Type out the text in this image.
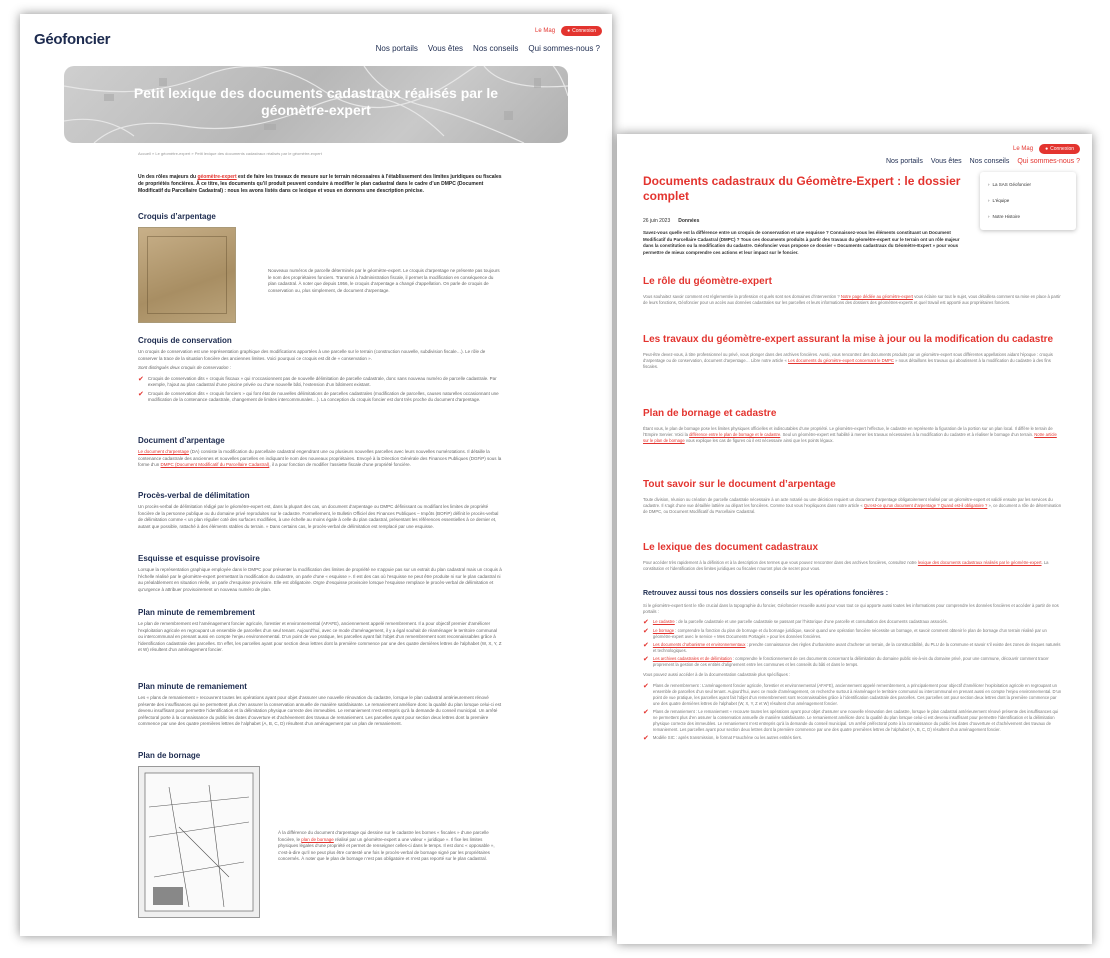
Géofoncier	Le Mag ● Connexion
Nos portails Vous êtes Nos conseils Qui sommes-nous ?
Petit lexique des documents cadastraux réalisés par le géomètre-expert
Accueil » Le géomètre-expert » Petit lexique des documents cadastraux réalisés par le géomètre-expert
Un des rôles majeurs du géomètre-expert est de faire les travaux de mesure sur le terrain nécessaires à l’établissement des limites juridiques ou fiscales de propriétés foncières. À ce titre, les documents qu’il produit peuvent conduire à modifier le plan cadastral dans le cadre d’un DMPC (Document Modificatif du Parcellaire Cadastral) : nous les avons listés dans ce lexique et vous en donnons une description précise.
Croquis d’arpentage
Nouveaux numéros de parcelle déterminés par le géomètre-expert. Le croquis d’arpentage ne présente pas toujours le nom des propriétaires fonciers. Transmis à l’administration fiscale, il permet la modification en conséquence du plan cadastral. À noter que depuis 1956, le croquis d’arpentage a changé d’appellation. On parle de croquis de conservation ou, plus simplement, de document d’arpentage.
Croquis de conservation
Un croquis de conservation est une représentation graphique des modifications apportées à une parcelle sur le terrain (construction nouvelle, subdivision fiscale…). Le rôle de conserver la trace de la situation foncière des anciennes limites. Voici pourquoi ce croquis est dit de « conservation ».
Sont distingués deux croquis de conservation :
✔ Croquis de conservation dits « croquis fiscaux » qui n’occasionnent pas de nouvelle délimitation de parcelle cadastrale, donc sans nouveau numéro de parcelle cadastrale. Par exemple, l’ajout au plan cadastral d’une piscine privée ou d’une nouvelle bâti, l’extension d’un bâtiment existant.
✔ Croquis de conservation dits « croquis fonciers » qui font état de nouvelles délimitations de parcelles cadastrales (modification de parcelles, causes naturelles occasionnant une modification de la contenance cadastrale, changement de limites intercommunales…). La conception du croquis foncier est dont très proche du document d’arpentage.
Document d’arpentage
Le document d’arpentage (DA) consiste la modification du parcellaire cadastral engendrant une ou plusieurs nouvelles parcelles avec leurs nouvelles numérotations. Il détaille la contenance cadastrale des anciennes et nouvelles parcelles en indiquant le nom des nouveaux propriétaires. Envoyé à la Direction Générale des Finances Publiques (DGFiP) sous la forme d’un DMPC (Document Modificatif du Parcellaire Cadastral), il a pour fonction de modifier l’assiette fiscale d’une propriété foncière.
Procès-verbal de délimitation
Un procès-verbal de délimitation rédigé par le géomètre-expert est, dans la plupart des cas, un document d’arpentage ou DMPC définissant ou modifiant les limites de propriété foncière de la personne publique ou du domaine privé reproduites sur le cadastre. Formellement, le Bulletin Officiel des Finances Publiques – Impôts (BOFiP) définit le procès-verbal de délimitation comme « un plan régulier coté des surfaces modifiées, à une échelle au moins égale à celle du plan cadastral, présentant les références essentielles à ce dernier et, autant que possible, rattaché à des éléments stables du terrain. » Dans certains cas, le procès-verbal de délimitation est remplacé par une esquisse.
Esquisse et esquisse provisoire
Lorsque la représentation graphique employée dans le DMPC pour présenter la modification des limites de propriété ne s’appuie pas sur un extrait du plan cadastral mais un croquis à l’échelle réalisé par le géomètre-expert permettant la modification du cadastre, on parle d’une « esquisse ». Il est des cas où l’esquisse ne peut être produite ni sur le plan cadastral ni au préalablement en situation réelle, on parle d’esquisse provisoire. Elle est obligatoire. Orgre d’esquisse provisoire lorsque l’esquisse remplace le procès-verbal de délimitation et qu’urgence à attribuer provisoirement un nouveau numéro de plan.
Plan minute de remembrement
Le plan de remembrement est l’aménagement foncier agricole, forestier et environnemental (AFAFE), anciennement appelé remembrement. Il a pour objectif premier d’améliorer l’exploitation agricole en regroupant un ensemble de parcelles d’un seul tenant. Aujourd’hui, avec ce mode d’aménagement, il y a égal souhait de réaménager le territoire communal ou intercommunal en prenant aussi en compte l’enjeu environnemental. D’un point de vue pratique, les parcelles ayant fait l’objet d’un remembrement sont reconnaissables grâce à l’identification cadastrale des parcelles. En effet, les parcelles ayant pour section deux lettres dont la première commence par une des quatre dernières lettres de l’alphabet (W, X, Y, Z et W) résultent d’un aménagement foncier.
Plan minute de remaniement
Les « plans de remaniement » recouvrent toutes les opérations ayant pour objet d’assurer une nouvelle rénovation du cadastre, lorsque le plan cadastral antérieurement rénové présente des insuffisances qui ne permettent plus d’en assurer la conservation annuelle de manière satisfaisante. Le remaniement améliore donc la qualité du plan lorsque celui-ci est devenu insuffisant pour permettre l’identification et la délimitation physique correcte des immeubles. Le remaniement n’est entrepris qu’à la demande du conseil municipal. Un arrêté préfectoral porte à la connaissance du public les dates d’ouverture et d’achèvement des travaux de remaniement. Les parcelles ayant pour section deux lettres dont la première commence par une des quatre premières lettres de l’alphabet (A, B, C, D) résultent d’un aménagement par un plan de remaniement.
Plan de bornage
À la différence du document d’arpentage qui dessine sur le cadastre les bornes « fiscales » d’une parcelle foncière, le plan de bornage réalisé par un géomètre-expert a une valeur « juridique ». Il fixe les limites physiques légales d’une propriété et permet de renseigner celles-ci dans le temps. Il est donc « opposable », c’est-à-dire qu’il ne peut plus être contesté une fois le procès-verbal de bornage signé par les propriétaires concernés. À noter que le plan de bornage n’est pas obligatoire et n’est pas reporté sur le plan cadastral.
Le Mag ● Connexion
Nos portails Vous êtes Nos conseils Qui sommes-nous ?
› La SAS Géofoncier
› L’équipe
› Notre Histoire
Documents cadastraux du Géomètre-Expert : le dossier complet
26 juin 2023 Données
Savez-vous quelle est la différence entre un croquis de conservation et une esquisse ? Connaissez-vous les éléments constituant un Document Modificatif du Parcellaire Cadastral (DMPC) ? Tous ces documents produits à partir des travaux du géomètre-expert sur le terrain ont un rôle majeur dans la constitution ou la modification du cadastre. Géofoncier vous propose ce dossier « Documents cadastraux du Géomètre-Expert » pour vous permettre de mieux comprendre ces actions et leur impact sur le foncier.
Le rôle du géomètre-expert
Vous souhaitez savoir comment est réglementée la profession et quels sont ses domaines d’intervention ? Notre page dédiée au géomètre-expert vous éclaire sur tout le sujet, vous détaillera comment sa mise en place à partir de leurs fonctions, Géofoncier pour un accès aux données cadastrales sur les parcelles et leurs informations des dossiers des géomètres-experts et quel travail est apporté aux propriétaires fonciers.
Les travaux du géomètre-expert assurant la mise à jour ou la modification du cadastre
Peut-être devez-vous, à titre professionnel ou privé, vous plonger dans des archives foncières. Aussi, vous rencontrez des documents produits par un géomètre-expert sous différentes appellations aidant l’époque : croquis d’arpentage ou de conservation, document d’arpentage… Libre notre article « Les documents du géomètre-expert concernant le DMPC » nous détaillons les travaux qui aboutissent à la modification du cadastre à des fins fiscales.
Plan de bornage et cadastre
Étant vous, le plan de bornage pose les limites physiques officielles et indiscutables d’une propriété. Le géomètre-expert l’effectue, le cadastre en représente la figuration de la portion sur un plan local. Il diffère le terrain de l’Empire Servier. Voici la différence entre le plan de bornage et le cadastre. Seul un géomètre-expert est habilité à mener les travaux nécessaires à la modification du cadastre et à réaliser le bornage d’un terrain. Notre article sur le plan de bornage vous explique les cas de figures où il est nécessaire ainsi que les points légaux.
Tout savoir sur le document d’arpentage
Toute division, réunion ou création de parcelle cadastrale nécessaire à un acte notarié ou une décision requiert un document d’arpentage obligatoirement réalisé par un géomètre-expert et validé ensuite par les services du cadastre. Il s’agit d’une vue détaillée lattière au départ les foncières. Comme tout vous l’expliquons dans notre article « Qu’est-ce qu’un document d’arpentage ? Quand est-il obligatoire ? », ce document a rôle de détermination de DMPC, ou Document Modificatif du Parcellaire Cadastral.
Le lexique des document cadastraux
Pour accéder très rapidement à la définition et à la description des termes que vous pouvez rencontrer dans des archives foncières, consultez notre lexique des documents cadastraux réalisés par le géomètre-expert. La constitution et l’identification des limites juridiques ou fiscales n’auront plus de secret pour vous.
Retrouvez aussi tous nos dossiers conseils sur les opérations foncières :
Si le géomètre-expert tient le rôle crucial dans la topographie du foncier, Géofoncier recueille aussi pour vous tout ce qui apporte aussi toutes les informations pour comprendre les données foncières et accéder à partir de nos portails :
✔ Le cadastre : de la parcelle cadastrale et une parcelle cadastrale se passant par l’historique d’une parcelle et consultation des documents cadastraux associés.
✔ Le bornage : comprendre la fonction du plan de bornage et du bornage juridique, savoir quand une opération foncière nécessite un bornage, et savoir comment obtenir le plan de bornage d’un terrain réalisé par un géomètre-expert avec le service « Mes Documents Portagés » pour les données foncières.
✔ Les documents d’urbanisme et environnementaux : prendre connaissance des règles d’urbanisme avant d’acheter un terrain, de la constructibilité, du PLU de la commune et savoir s’il existe des zones de risques naturels et technologiques.
✔ Les archives cadastrales et de délimitation : comprendre le fonctionnement de ces documents concernant la délimitation du domaine public vis-à-vis du domaine privé, pour une commune, découvrir comment tracer proprement la gestion de ces entités d’alignement entre les communes et les conseils du bâti et dans le temps.
Vous pouvez aussi accéder à de la documentation cadastrale plus spécifiques :
✔ Plans de remembrement : L’aménagement foncier agricole, forestier et environnemental (AFAFE), anciennement appelé remembrement, a principalement pour objectif d’améliorer l’exploitation agricole en regroupant un ensemble de parcelles d’un seul tenant. Aujourd’hui, avec ce mode d’aménagement, on recherche surtout à réaménager le territoire communal ou intercommunal en prenant aussi en compte l’enjeu environnemental. D’un point de vue pratique, les parcelles ayant fait l’objet d’un remembrement sont reconnaissables grâce à l’identification cadastrale des parcelles. Ces parcelles ont pour section deux lettres dont la première commence par une des quatre dernières lettres de l’alphabet (W, X, Y, Z et W) résultent d’un aménagement foncier.
✔ Plans de remaniement : Le remaniement « recouvre toutes les opérations ayant pour objet d’assurer une nouvelle rénovation des cadastre, lorsque le plan cadastral antérieurement rénové présente des insuffisances qui ne permettent plus d’en assurer la conservation annuelle de manière satisfaisante. Le remaniement améliore donc la qualité du plan lorsque celui-ci est devenu insuffisant pour permettre l’identification et la délimitation physique correcte des immeubles. Le remaniement n’est entrepris qu’à la demande du conseil municipal. Un arrêté préfectoral porte à la connaissance du public les dates d’ouverture et d’achèvement des travaux de remaniement. Les parcelles ayant pour section deux lettres dont la première commence par une des quatre premières lettres de l’alphabet (A, B, C, D) résultent d’un aménagement foncier.
✔ Modèle SIC : après transmission, le format Frauchène ou les autres entités tiers.
